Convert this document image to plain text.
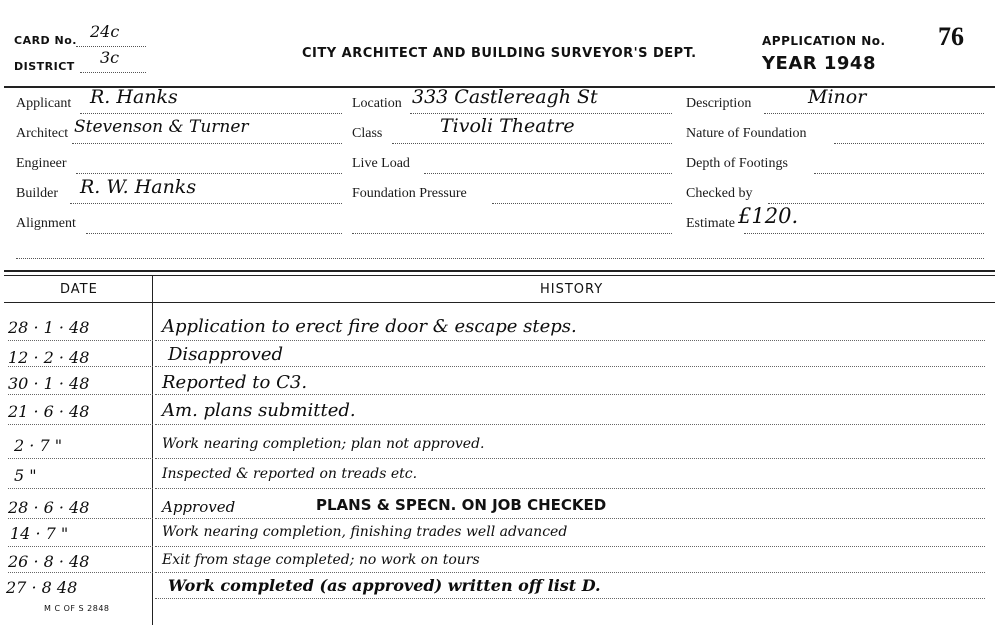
CARD No. 24c
DISTRICT 3c	CITY ARCHITECT AND BUILDING SURVEYOR'S DEPT.
APPLICATION No. 76
YEAR 1948
Applicant R. Hanks
Architect Stevenson & Turner
Engineer
Builder R. W. Hanks
Alignment
Location 333 Castlereagh St
Class	Tivoli Theatre
Live Load
Foundation Pressure
Description	Minor
Nature of Foundation
Depth of Footings
Checked by
Estimate £120.
DATE	HISTORY
28 · 1 · 48	Application to erect fire door & escape steps.
12 · 2 · 48	Disapproved
30 · 1 · 48	Reported to C3.
21 · 6 · 48	Am. plans submitted.
2 · 7 "	Work nearing completion; plan not approved.
5 "	Inspected & reported on treads etc.
28 · 6 · 48	Approved	PLANS & SPECN. ON JOB CHECKED
14 · 7 "	Work nearing completion, finishing trades well advanced
26 · 8 · 48	Exit from stage completed; no work on tours
27 · 8 48	Work completed (as approved) written off list D.
M C OF S 2848
